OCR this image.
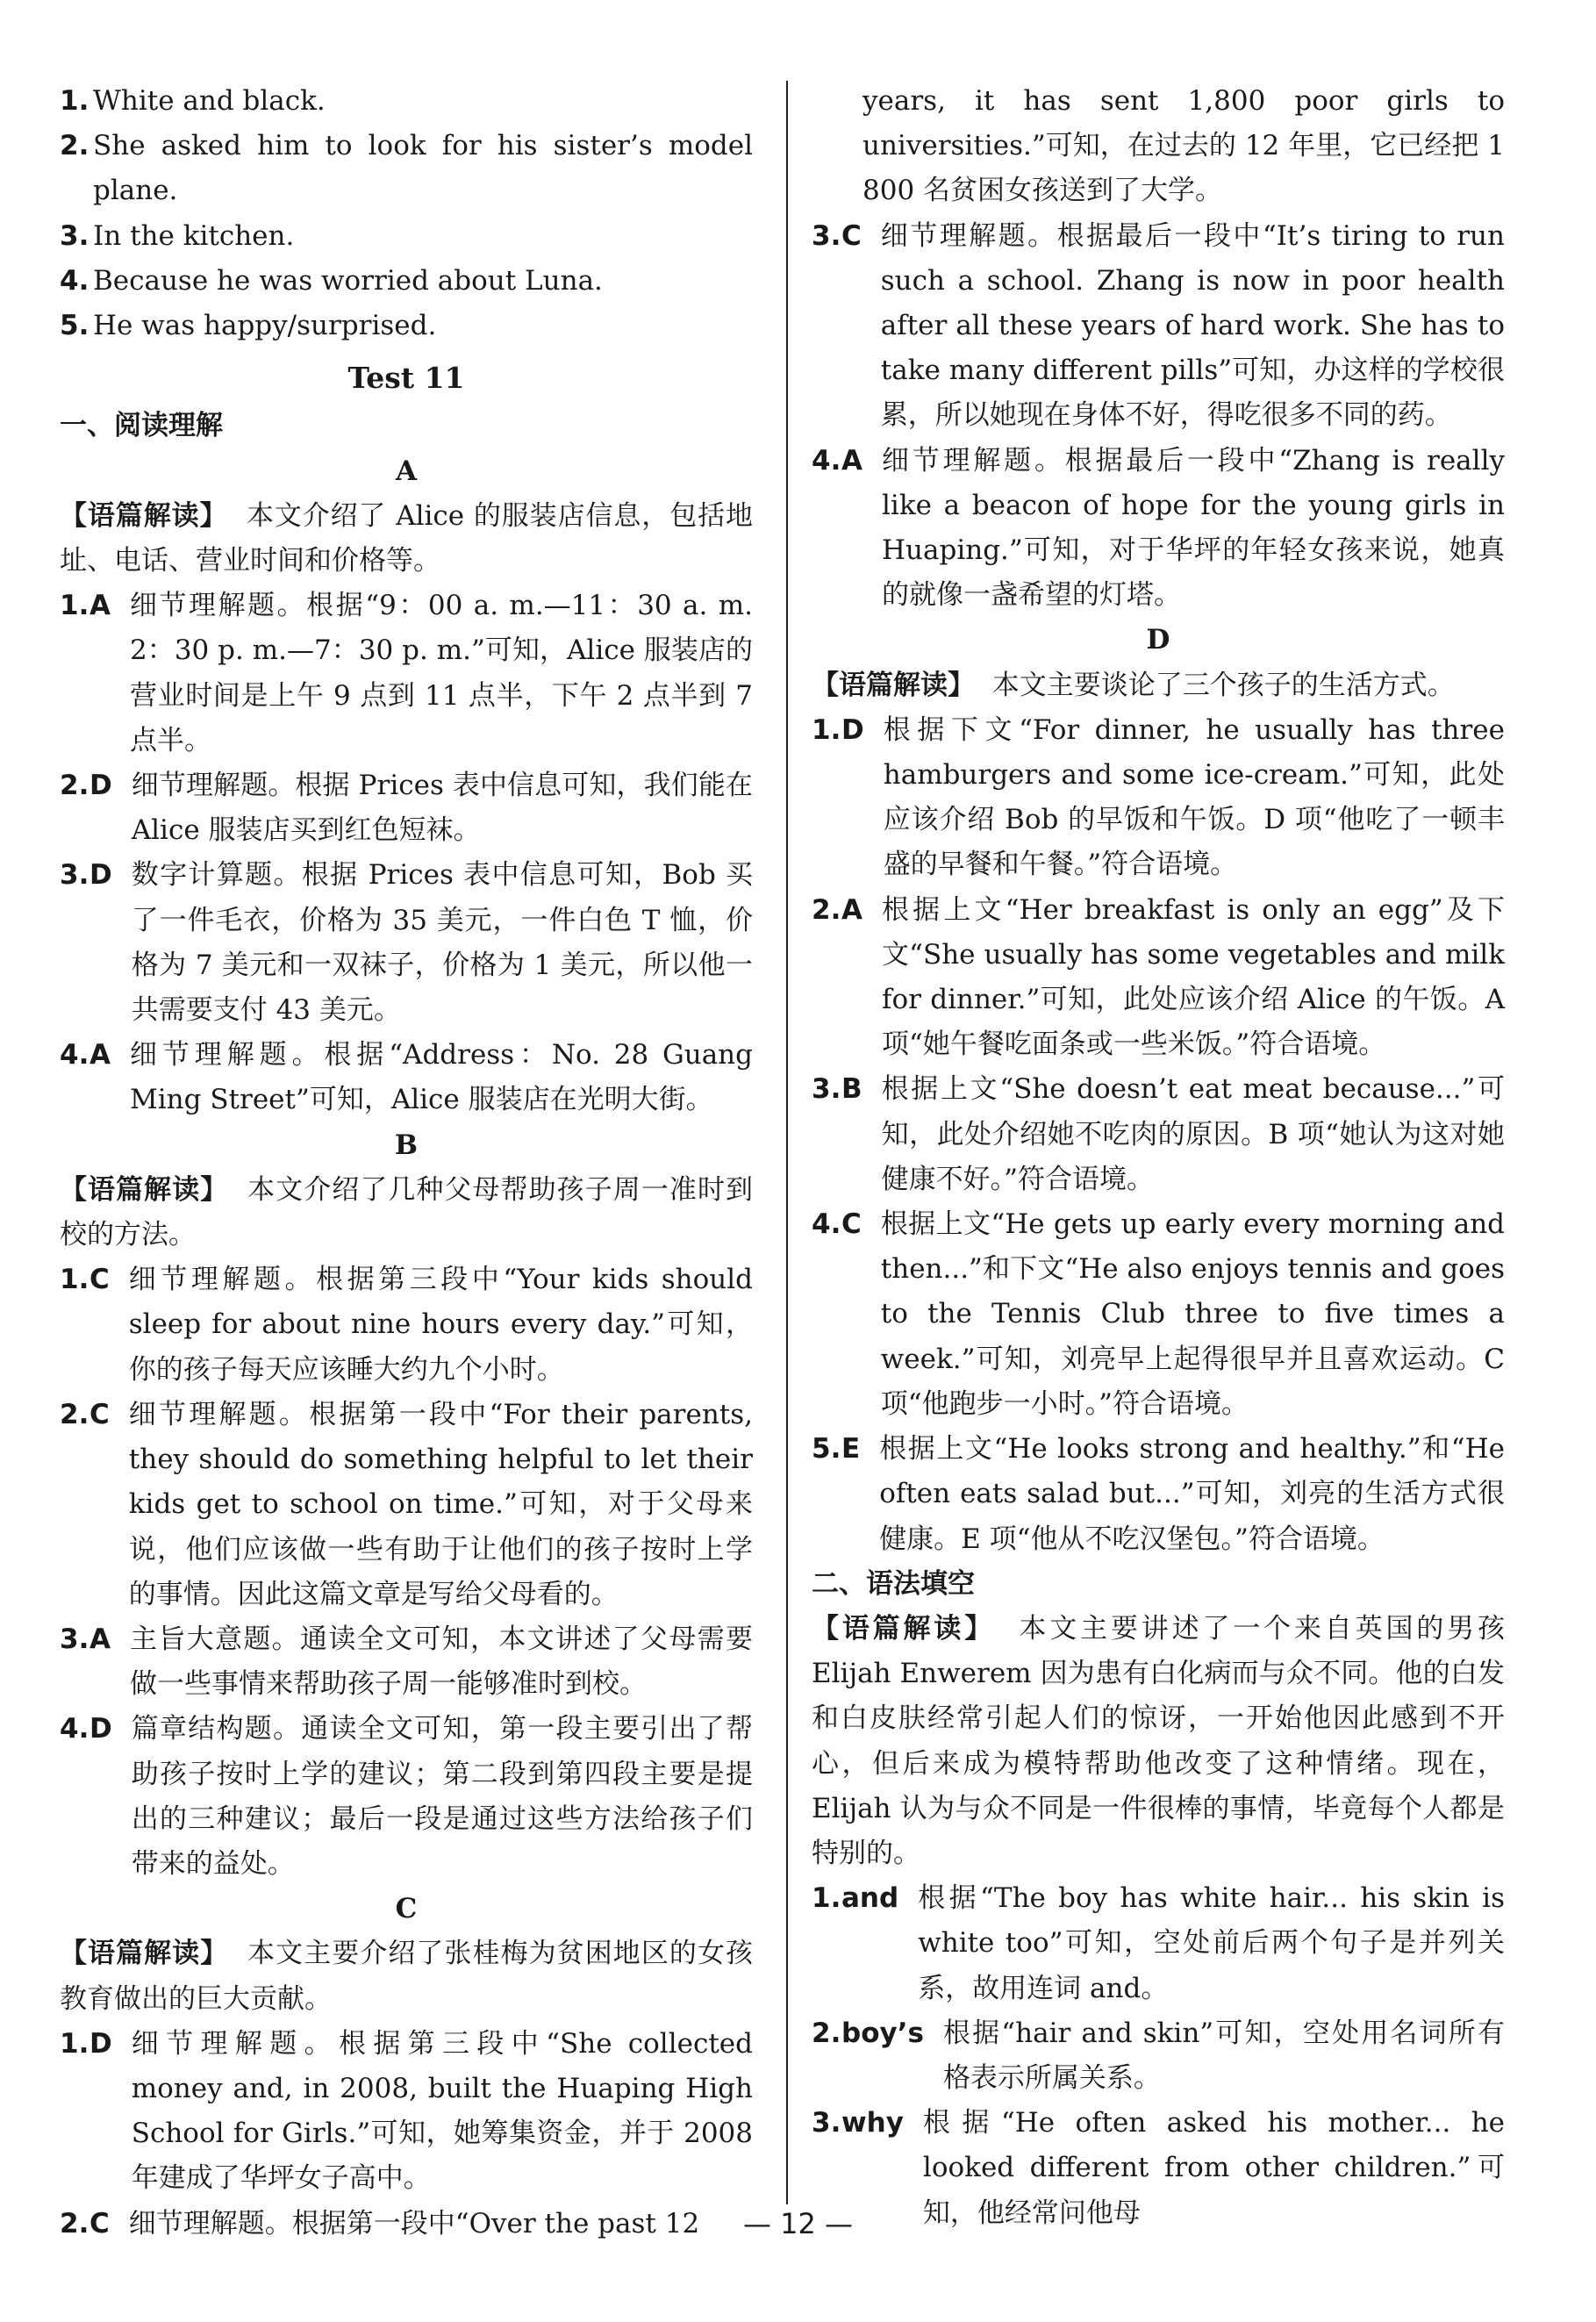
1. White and black.
2. She asked him to look for his sister’s model plane.
3. In the kitchen.
4. Because he was worried about Luna.
5. He was happy/surprised.
Test 11
一、阅读理解
A
【语篇解读】 本文介绍了 Alice 的服装店信息，包括地址、电话、营业时间和价格等。
1. A 细节理解题。根据“9：00 a. m.—11：30 a. m. 2：30 p. m.—7：30 p. m.”可知，Alice 服装店的营业时间是上午 9 点到 11 点半，下午 2 点半到 7 点半。
2. D 细节理解题。根据 Prices 表中信息可知，我们能在 Alice 服装店买到红色短袜。
3. D 数字计算题。根据 Prices 表中信息可知，Bob 买了一件毛衣，价格为 35 美元，一件白色 T 恤，价格为 7 美元和一双袜子，价格为 1 美元，所以他一共需要支付 43 美元。
4. A 细节理解题。根据“Address：No. 28 Guang Ming Street”可知，Alice 服装店在光明大街。
B
【语篇解读】 本文介绍了几种父母帮助孩子周一准时到校的方法。
1. C 细节理解题。根据第三段中“Your kids should sleep for about nine hours every day.”可知，你的孩子每天应该睡大约九个小时。
2. C 细节理解题。根据第一段中“For their parents, they should do something helpful to let their kids get to school on time.”可知，对于父母来说，他们应该做一些有助于让他们的孩子按时上学的事情。因此这篇文章是写给父母看的。
3. A 主旨大意题。通读全文可知，本文讲述了父母需要做一些事情来帮助孩子周一能够准时到校。
4. D 篇章结构题。通读全文可知，第一段主要引出了帮助孩子按时上学的建议；第二段到第四段主要是提出的三种建议；最后一段是通过这些方法给孩子们带来的益处。
C
【语篇解读】 本文主要介绍了张桂梅为贫困地区的女孩教育做出的巨大贡献。
1. D 细节理解题。根据第三段中“She collected money and, in 2008, built the Huaping High School for Girls.”可知，她筹集资金，并于 2008 年建成了华坪女子高中。
2. C 细节理解题。根据第一段中“Over the past 12
years, it has sent 1,800 poor girls to universities.”可知，在过去的 12 年里，它已经把 1 800 名贫困女孩送到了大学。
3. C 细节理解题。根据最后一段中“It’s tiring to run such a school. Zhang is now in poor health after all these years of hard work. She has to take many different pills”可知，办这样的学校很累，所以她现在身体不好，得吃很多不同的药。
4. A 细节理解题。根据最后一段中“Zhang is really like a beacon of hope for the young girls in Huaping.”可知，对于华坪的年轻女孩来说，她真的就像一盏希望的灯塔。
D
【语篇解读】 本文主要谈论了三个孩子的生活方式。
1. D 根据下文“For dinner, he usually has three hamburgers and some ice-cream.”可知，此处应该介绍 Bob 的早饭和午饭。D 项“他吃了一顿丰盛的早餐和午餐。”符合语境。
2. A 根据上文“Her breakfast is only an egg”及下文“She usually has some vegetables and milk for dinner.”可知，此处应该介绍 Alice 的午饭。A 项“她午餐吃面条或一些米饭。”符合语境。
3. B 根据上文“She doesn’t eat meat because...”可知，此处介绍她不吃肉的原因。B 项“她认为这对她健康不好。”符合语境。
4. C 根据上文“He gets up early every morning and then...”和下文“He also enjoys tennis and goes to the Tennis Club three to five times a week.”可知，刘亮早上起得很早并且喜欢运动。C 项“他跑步一小时。”符合语境。
5. E 根据上文“He looks strong and healthy.”和“He often eats salad but...”可知，刘亮的生活方式很健康。E 项“他从不吃汉堡包。”符合语境。
二、语法填空
【语篇解读】 本文主要讲述了一个来自英国的男孩 Elijah Enwerem 因为患有白化病而与众不同。他的白发和白皮肤经常引起人们的惊讶，一开始他因此感到不开心，但后来成为模特帮助他改变了这种情绪。现在，Elijah 认为与众不同是一件很棒的事情，毕竟每个人都是特别的。
1. and 根据“The boy has white hair... his skin is white too”可知，空处前后两个句子是并列关系，故用连词 and。
2. boy’s 根据“hair and skin”可知，空处用名词所有格表示所属关系。
3. why 根据“He often asked his mother... he looked different from other children.”可知，他经常问他母
— 12 —
